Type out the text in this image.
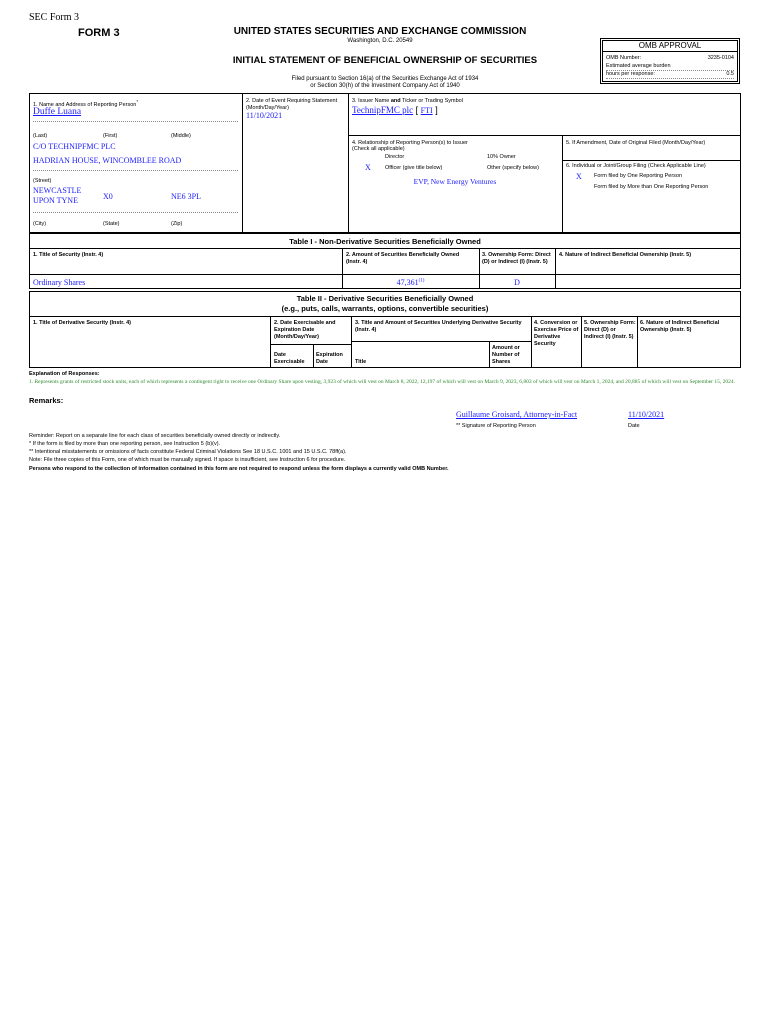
SEC Form 3
FORM 3	UNITED STATES SECURITIES AND EXCHANGE COMMISSION
Washington, D.C. 20549
INITIAL STATEMENT OF BENEFICIAL OWNERSHIP OF SECURITIES
Filed pursuant to Section 16(a) of the Securities Exchange Act of 1934
or Section 30(h) of the Investment Company Act of 1940
OMB APPROVAL
OMB Number:	3235-0104
Estimated average burden
hours per response:	0.5
1. Name and Address of Reporting Person*
Duffe Luana
(Last)	(First)	(Middle)
C/O TECHNIPFMC PLC
HADRIAN HOUSE, WINCOMBLEE ROAD
(Street)
NEWCASTLE UPON TYNE	X0	NE6 3PL
(City)	(State)	(Zip)
2. Date of Event Requiring Statement (Month/Day/Year)
11/10/2021
3. Issuer Name and Ticker or Trading Symbol
TechnipFMC plc [ FTI ]
4. Relationship of Reporting Person(s) to Issuer
(Check all applicable)
Director	10% Owner
X	Officer (give title below)	Other (specify below)
EVP, New Energy Ventures
5. If Amendment, Date of Original Filed (Month/Day/Year)
6. Individual or Joint/Group Filing (Check Applicable Line)
X Form filed by One Reporting Person
Form filed by More than One Reporting Person
Table I - Non-Derivative Securities Beneficially Owned
1. Title of Security (Instr. 4)	2. Amount of Securities Beneficially Owned (Instr. 4)
3. Ownership Form: Direct (D) or Indirect (I) (Instr. 5)
4. Nature of Indirect Beneficial Ownership (Instr. 5)
Ordinary Shares	47,361$^{(1)}$	D
Table II - Derivative Securities Beneficially Owned
(e.g., puts, calls, warrants, options, convertible securities)
1. Title of Derivative Security (Instr. 4)	2. Date Exercisable and Expiration Date (Month/Day/Year)
3. Title and Amount of Securities Underlying Derivative Security (Instr. 4)
4. Conversion or Exercise Price of Derivative Security
5. Ownership Form: Direct (D) or Indirect (I) (Instr. 5)
6. Nature of Indirect Beneficial Ownership (Instr. 5)
Date Exercisable
Expiration Date	Title
Amount or Number of Shares
Explanation of Responses:
1. Represents grants of restricted stock units, each of which represents a contingent right to receive one Ordinary Share upon vesting, 3,923 of which will vest on March 8, 2022, 12,197 of which will vest on March 9, 2023, 6,803 of which will vest on March 1, 2024, and 20,885 of which will vest on September 15, 2024.
Remarks:
Guillaume Groisard, Attorney-in-Fact	11/10/2021
** Signature of Reporting Person	Date
Reminder: Report on a separate line for each class of securities beneficially owned directly or indirectly.
* If the form is filed by more than one reporting person, see Instruction 5 (b)(v).
** Intentional misstatements or omissions of facts constitute Federal Criminal Violations See 18 U.S.C. 1001 and 15 U.S.C. 78ff(a).
Note: File three copies of this Form, one of which must be manually signed. If space is insufficient, see Instruction 6 for procedure.
Persons who respond to the collection of information contained in this form are not required to respond unless the form displays a currently valid OMB Number.
